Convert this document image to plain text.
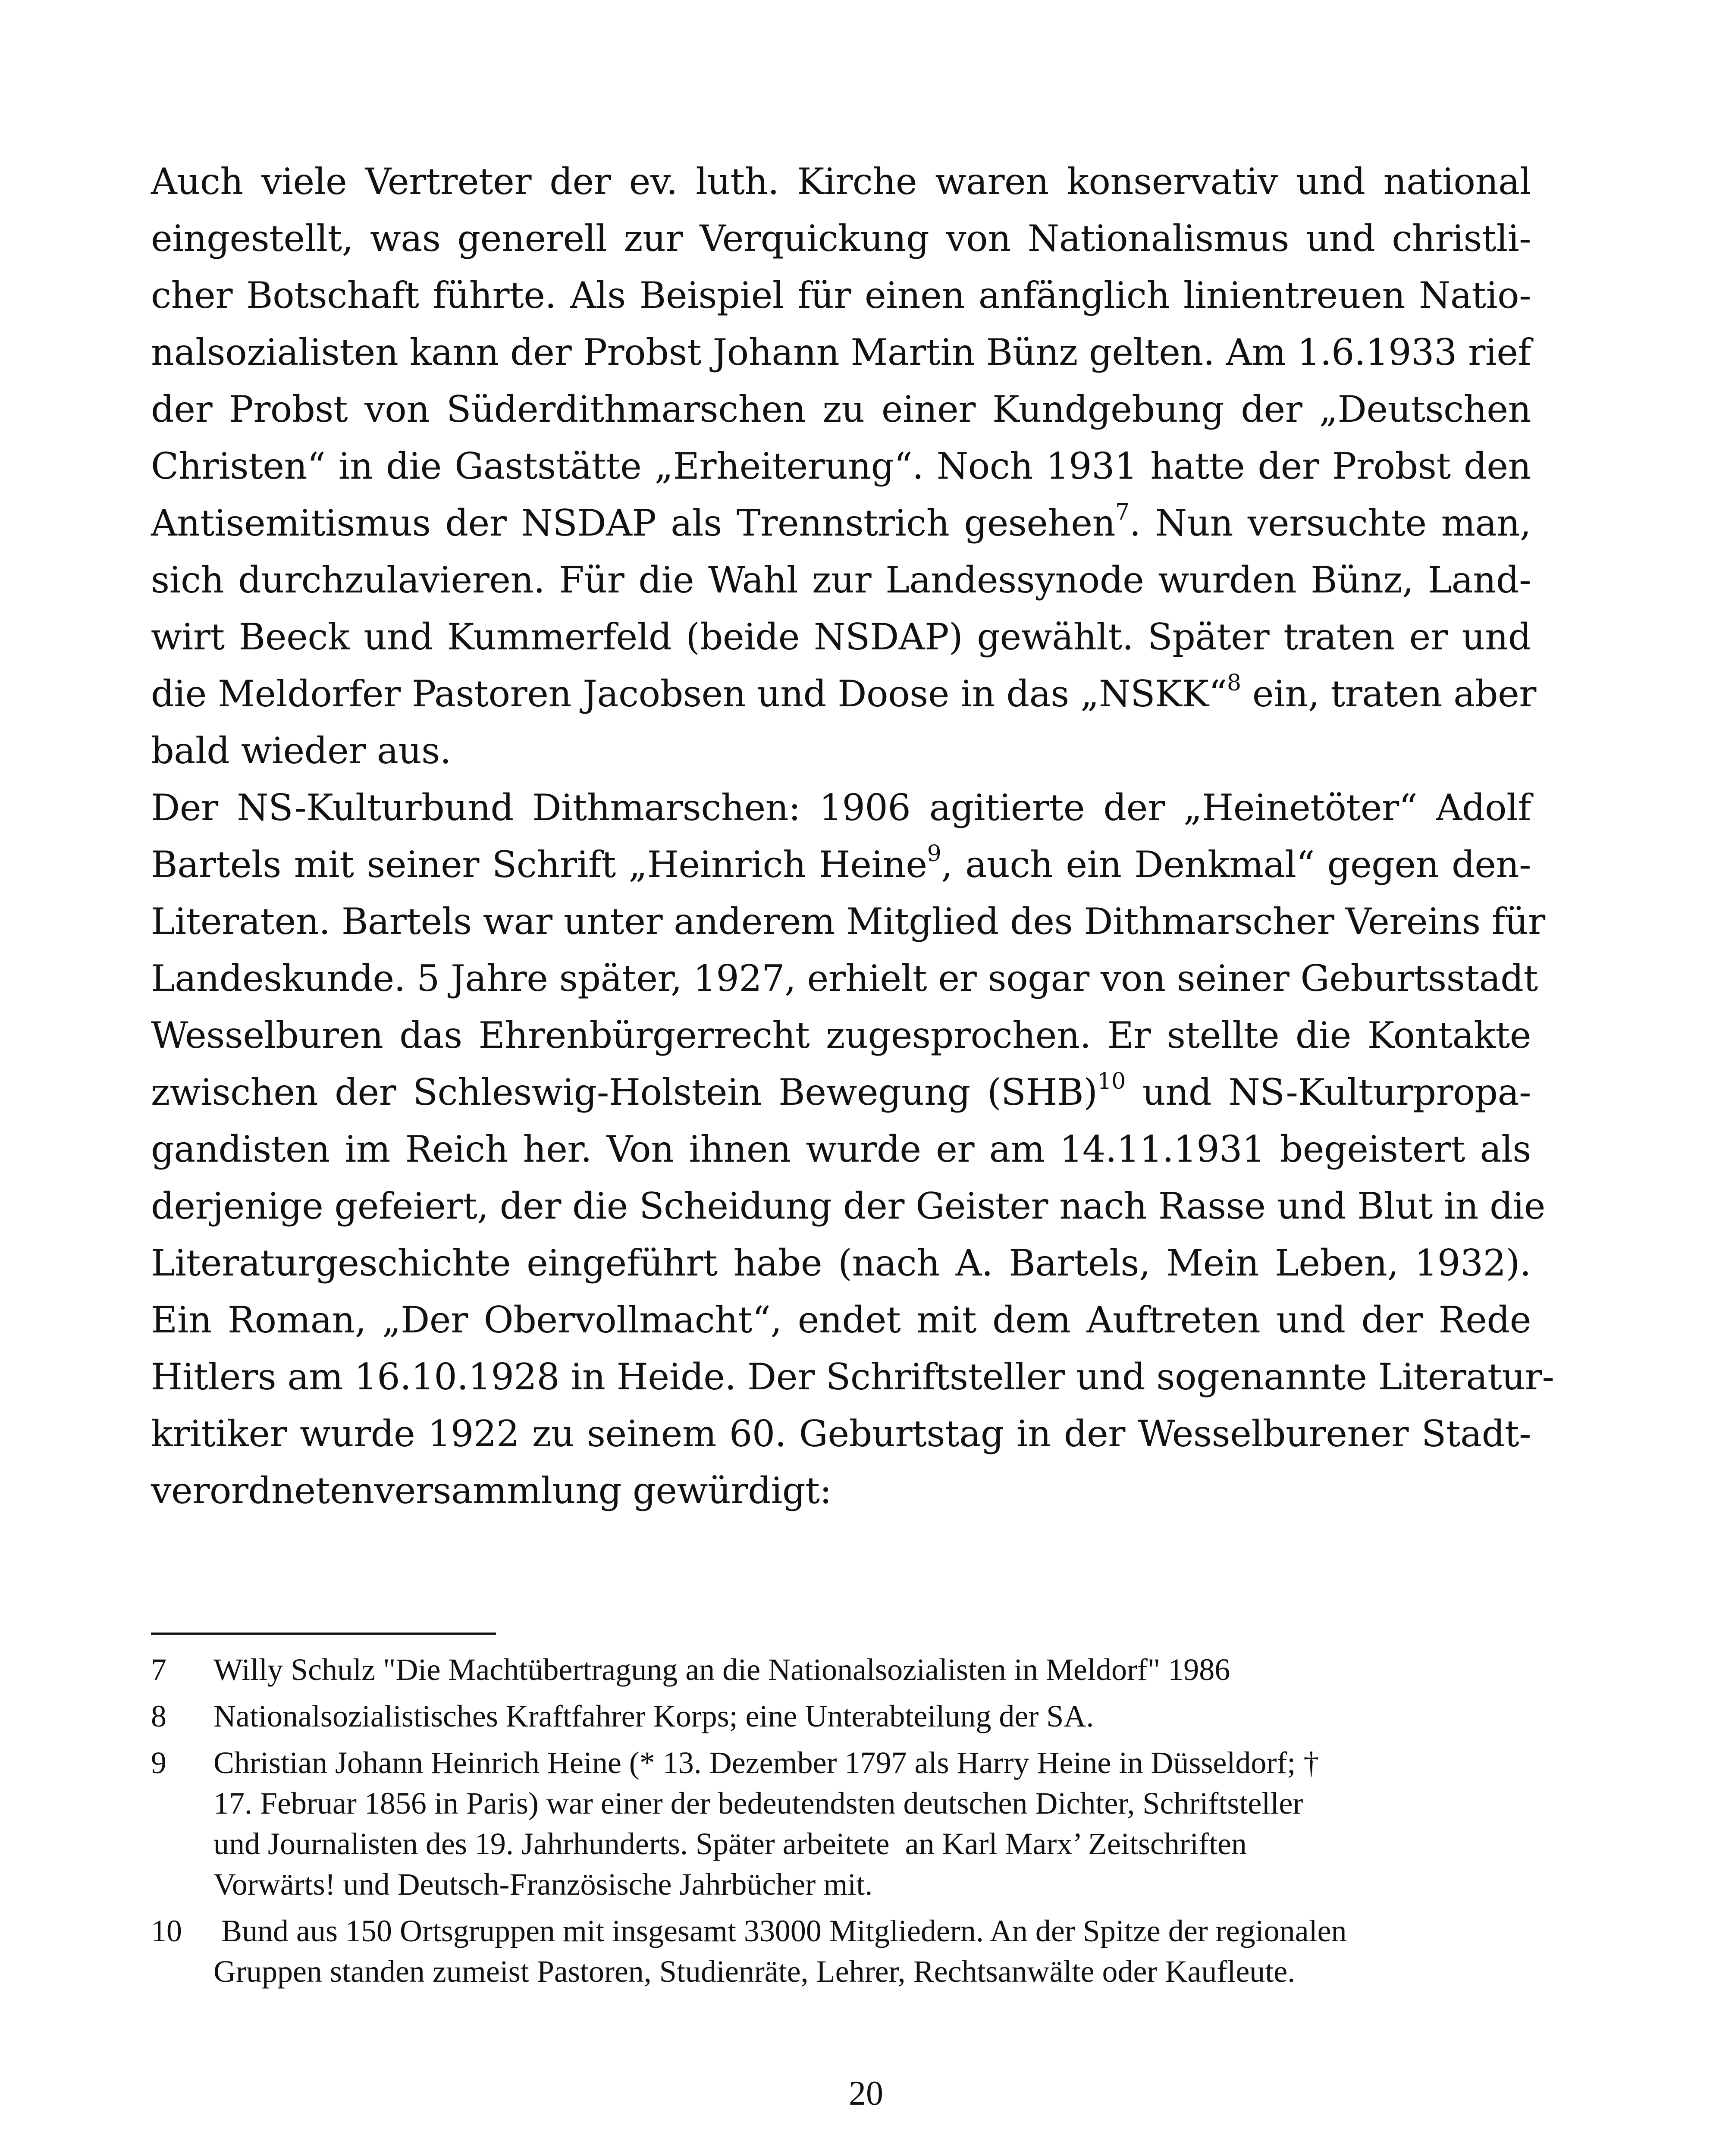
Auch viele Vertreter der ev. luth. Kirche waren konservativ und national
eingestellt, was generell zur Verquickung von Nationalismus und christli-
cher Botschaft führte. Als Beispiel für einen anfänglich linientreuen Natio-
nalsozialisten kann der Probst Johann Martin Bünz gelten. Am 1.6.1933 rief
der Probst von Süderdithmarschen zu einer Kundgebung der „Deutschen
Christen“ in die Gaststätte „Erheiterung“. Noch 1931 hatte der Probst den
Antisemitismus der NSDAP als Trennstrich gesehen$^7$. Nun versuchte man,
sich durchzulavieren. Für die Wahl zur Landessynode wurden Bünz, Land-
wirt Beeck und Kummerfeld (beide NSDAP) gewählt. Später traten er und
die Meldorfer Pastoren Jacobsen und Doose in das „NSKK“$^8$ ein, traten aber
bald wieder aus.
Der NS-Kulturbund Dithmarschen: 1906 agitierte der „Heinetöter“ Adolf
Bartels mit seiner Schrift „Heinrich Heine$^9$, auch ein Denkmal“ gegen den-
Literaten. Bartels war unter anderem Mitglied des Dithmarscher Vereins für
Landeskunde. 5 Jahre später, 1927, erhielt er sogar von seiner Geburtsstadt
Wesselburen das Ehrenbürgerrecht zugesprochen. Er stellte die Kontakte
zwischen der Schleswig-Holstein Bewegung (SHB)$^{10}$ und NS-Kulturpropa-
gandisten im Reich her. Von ihnen wurde er am 14.11.1931 begeistert als
derjenige gefeiert, der die Scheidung der Geister nach Rasse und Blut in die
Literaturgeschichte eingeführt habe (nach A. Bartels, Mein Leben, 1932).
Ein Roman, „Der Obervollmacht“, endet mit dem Auftreten und der Rede
Hitlers am 16.10.1928 in Heide. Der Schriftsteller und sogenannte Literatur-
kritiker wurde 1922 zu seinem 60. Geburtstag in der Wesselburener Stadt-
verordnetenversammlung gewürdigt:
7 Willy Schulz "Die Machtübertragung an die Nationalsozialisten in Meldorf" 1986
8 Nationalsozialistisches Kraftfahrer Korps; eine Unterabteilung der SA.
9 Christian Johann Heinrich Heine (* 13. Dezember 1797 als Harry Heine in Düsseldorf; †
17. Februar 1856 in Paris) war einer der bedeutendsten deutschen Dichter, Schriftsteller
und Journalisten des 19. Jahrhunderts. Später arbeitete  an Karl Marx’ Zeitschriften
Vorwärts! und Deutsch-Französische Jahrbücher mit.
10 Bund aus 150 Ortsgruppen mit insgesamt 33000 Mitgliedern. An der Spitze der regionalen
Gruppen standen zumeist Pastoren, Studienräte, Lehrer, Rechtsanwälte oder Kaufleute.
20
